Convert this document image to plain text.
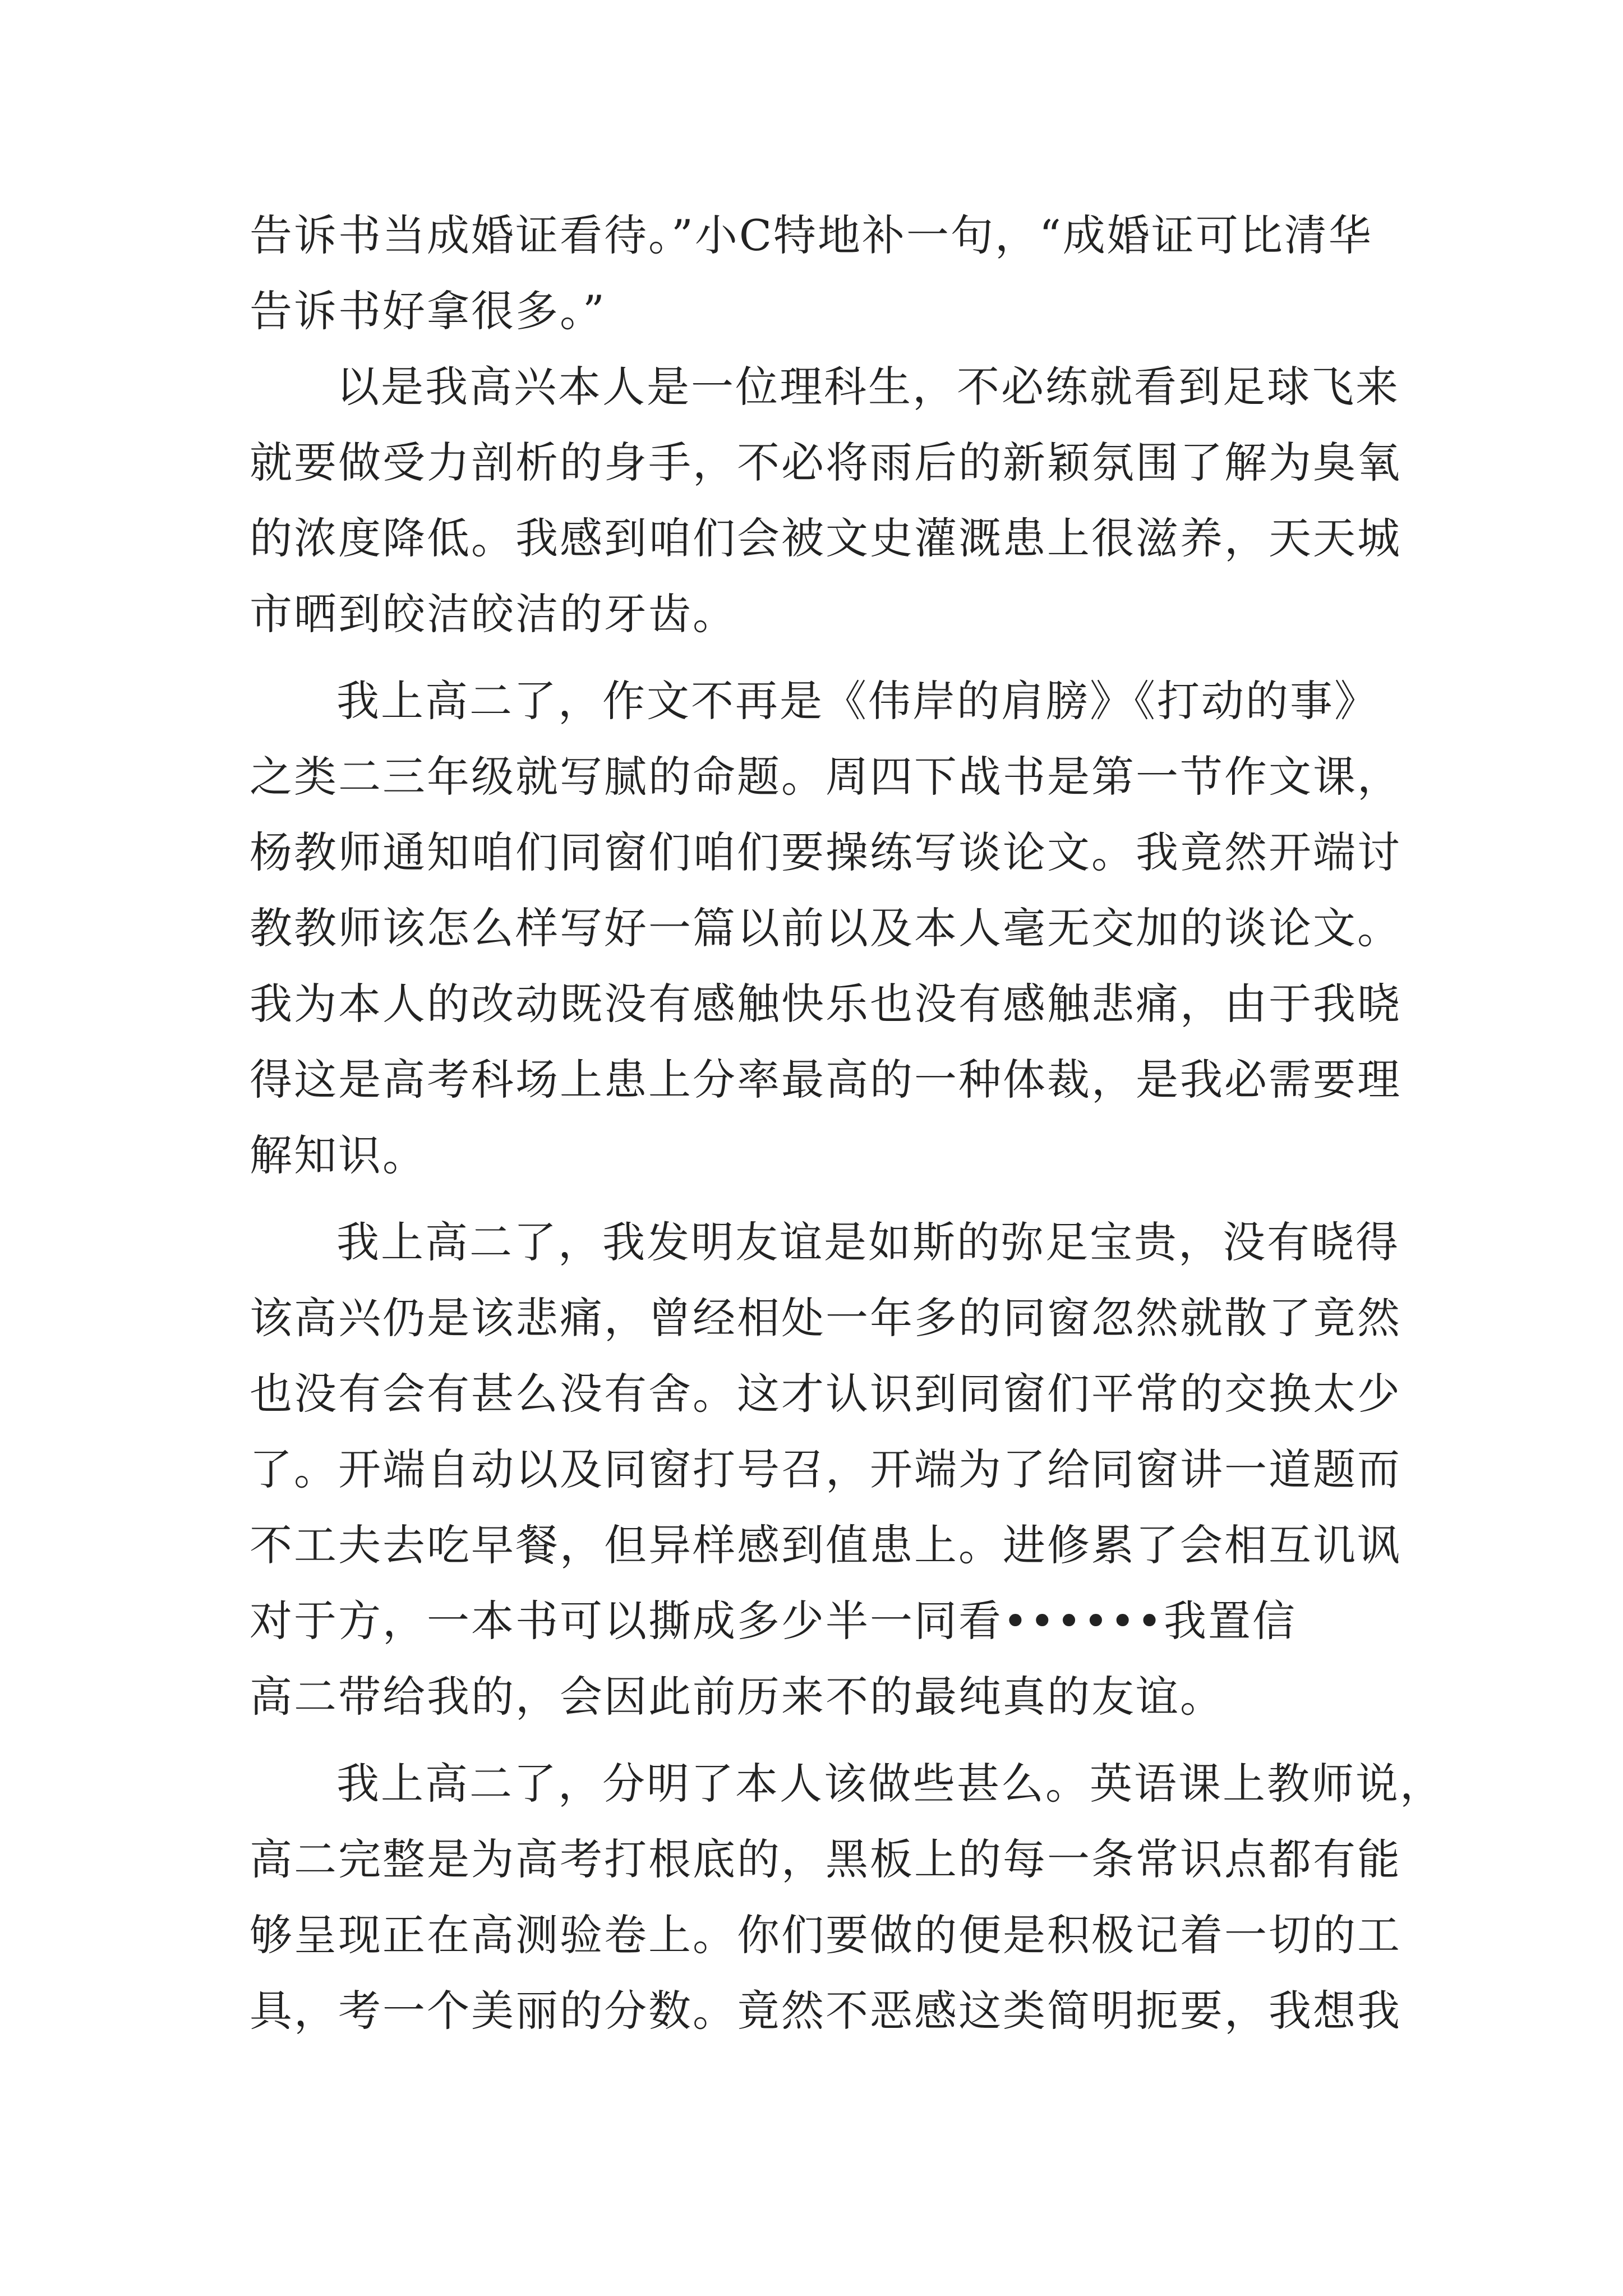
告诉书当成婚证看待。”小C特地补一句，“成婚证可比清华

告诉书好拿很多。”

以是我高兴本人是一位理科生，不必练就看到足球飞来

就要做受力剖析的身手，不必将雨后的新颖氛围了解为臭氧

的浓度降低。我感到咱们会被文史灌溉患上很滋养，天天城

市晒到皎洁皎洁的牙齿。

我上高二了，作文不再是《伟岸的肩膀》《打动的事》

之类二三年级就写腻的命题。周四下战书是第一节作文课，

杨教师通知咱们同窗们咱们要操练写谈论文。我竟然开端讨

教教师该怎么样写好一篇以前以及本人毫无交加的谈论文。

我为本人的改动既没有感触快乐也没有感触悲痛，由于我晓

得这是高考科场上患上分率最高的一种体裁，是我必需要理

解知识。

我上高二了，我发明友谊是如斯的弥足宝贵，没有晓得

该高兴仍是该悲痛，曾经相处一年多的同窗忽然就散了竟然

也没有会有甚么没有舍。这才认识到同窗们平常的交换太少

了。开端自动以及同窗打号召，开端为了给同窗讲一道题而

不工夫去吃早餐，但异样感到值患上。进修累了会相互讥讽

对于方，一本书可以撕成多少半一同看••••••我置信

高二带给我的，会因此前历来不的最纯真的友谊。

我上高二了，分明了本人该做些甚么。英语课上教师说，

高二完整是为高考打根底的，黑板上的每一条常识点都有能

够呈现正在高测验卷上。你们要做的便是积极记着一切的工

具，考一个美丽的分数。竟然不恶感这类简明扼要，我想我
